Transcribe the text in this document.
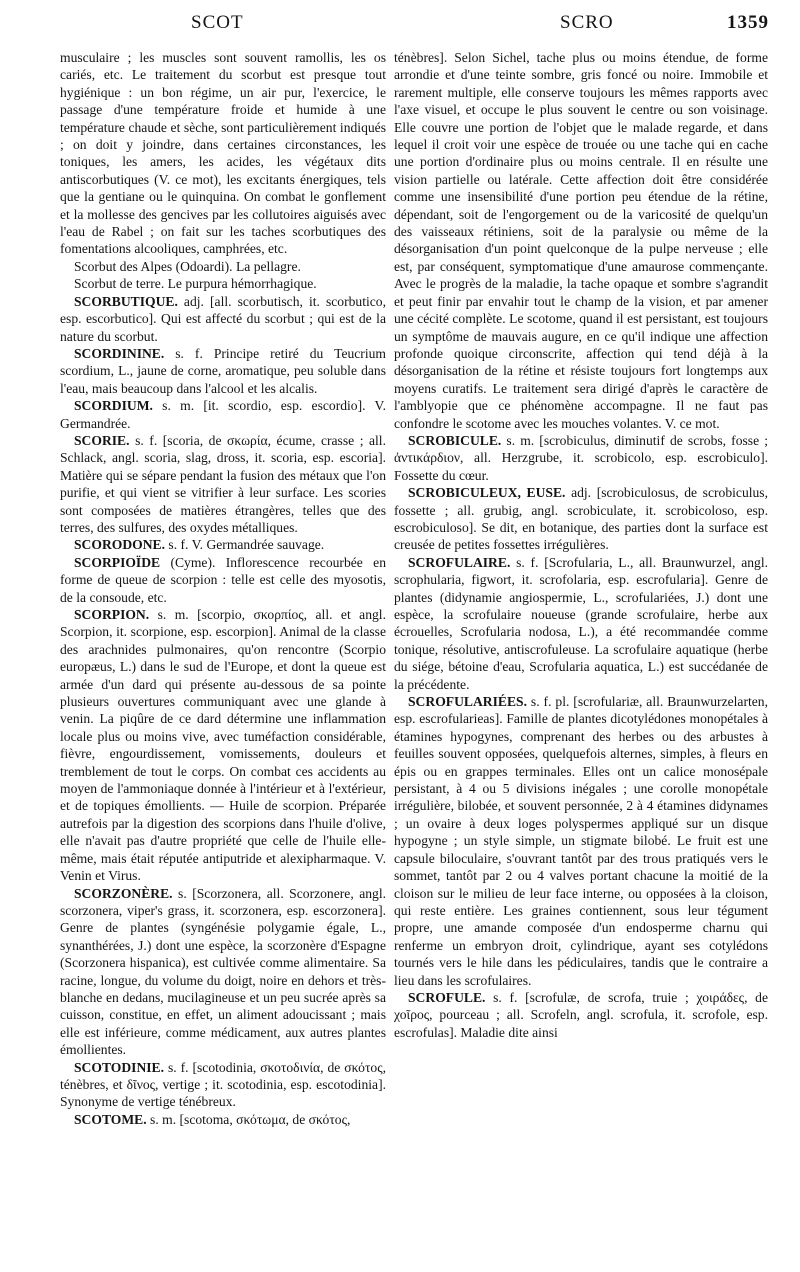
SCOT	SCRO	1359

musculaire ; les muscles sont souvent ramollis, les os cariés, etc. Le traitement du scorbut est presque tout hygiénique : un bon régime, un air pur, l'exercice, le passage d'une température froide et humide à une température chaude et sèche, sont particulièrement indiqués ; on doit y joindre, dans certaines circonstances, les toniques, les amers, les acides, les végétaux dits antiscorbutiques (V. ce mot), les excitants énergiques, tels que la gentiane ou le quinquina. On combat le gonflement et la mollesse des gencives par les collutoires aiguisés avec l'eau de Rabel ; on fait sur les taches scorbutiques des fomentations alcooliques, camphrées, etc.

Scorbut des Alpes (Odoardi). La pellagre.

Scorbut de terre. Le purpura hémorrhagique.

SCORBUTIQUE. adj. [all. scorbutisch, it. scorbutico, esp. escorbutico]. Qui est affecté du scorbut ; qui est de la nature du scorbut.

SCORDININE. s. f. Principe retiré du Teucrium scordium, L., jaune de corne, aromatique, peu soluble dans l'eau, mais beaucoup dans l'alcool et les alcalis.

SCORDIUM. s. m. [it. scordio, esp. escordio]. V. Germandrée.

SCORIE. s. f. [scoria, de σκωρία, écume, crasse ; all. Schlack, angl. scoria, slag, dross, it. scoria, esp. escoria]. Matière qui se sépare pendant la fusion des métaux que l'on purifie, et qui vient se vitrifier à leur surface. Les scories sont composées de matières étrangères, telles que des terres, des sulfures, des oxydes métalliques.

SCORODONE. s. f. V. Germandrée sauvage.

SCORPIOÏDE (Cyme). Inflorescence recourbée en forme de queue de scorpion : telle est celle des myosotis, de la consoude, etc.

SCORPION. s. m. [scorpio, σκορπίος, all. et angl. Scorpion, it. scorpione, esp. escorpion]. Animal de la classe des arachnides pulmonaires, qu'on rencontre (Scorpio europæus, L.) dans le sud de l'Europe, et dont la queue est armée d'un dard qui présente au-dessous de sa pointe plusieurs ouvertures communiquant avec une glande à venin. La piqûre de ce dard détermine une inflammation locale plus ou moins vive, avec tuméfaction considérable, fièvre, engourdissement, vomissements, douleurs et tremblement de tout le corps. On combat ces accidents au moyen de l'ammoniaque donnée à l'intérieur et à l'extérieur, et de topiques émollients. — Huile de scorpion. Préparée autrefois par la digestion des scorpions dans l'huile d'olive, elle n'avait pas d'autre propriété que celle de l'huile elle-même, mais était réputée antiputride et alexipharmaque. V. Venin et Virus.

SCORZONÈRE. s. [Scorzonera, all. Scorzonere, angl. scorzonera, viper's grass, it. scorzonera, esp. escorzonera]. Genre de plantes (syngénésie polygamie égale, L., synanthérées, J.) dont une espèce, la scorzonère d'Espagne (Scorzonera hispanica), est cultivée comme alimentaire. Sa racine, longue, du volume du doigt, noire en dehors et très-blanche en dedans, mucilagineuse et un peu sucrée après sa cuisson, constitue, en effet, un aliment adoucissant ; mais elle est inférieure, comme médicament, aux autres plantes émollientes.

SCOTODINIE. s. f. [scotodinia, σκοτοδινία, de σκότος, ténèbres, et δῖνος, vertige ; it. scotodinia, esp. escotodinia]. Synonyme de vertige ténébreux.

SCOTOME. s. m. [scotoma, σκότωμα, de σκότος,

ténèbres]. Selon Sichel, tache plus ou moins étendue, de forme arrondie et d'une teinte sombre, gris foncé ou noire. Immobile et rarement multiple, elle conserve toujours les mêmes rapports avec l'axe visuel, et occupe le plus souvent le centre ou son voisinage. Elle couvre une portion de l'objet que le malade regarde, et dans lequel il croit voir une espèce de trouée ou une tache qui en cache une portion d'ordinaire plus ou moins centrale. Il en résulte une vision partielle ou latérale. Cette affection doit être considérée comme une insensibilité d'une portion peu étendue de la rétine, dépendant, soit de l'engorgement ou de la varicosité de quelqu'un des vaisseaux rétiniens, soit de la paralysie ou même de la désorganisation d'un point quelconque de la pulpe nerveuse ; elle est, par conséquent, symptomatique d'une amaurose commençante. Avec le progrès de la maladie, la tache opaque et sombre s'agrandit et peut finir par envahir tout le champ de la vision, et par amener une cécité complète. Le scotome, quand il est persistant, est toujours un symptôme de mauvais augure, en ce qu'il indique une affection profonde quoique circonscrite, affection qui tend déjà à la désorganisation de la rétine et résiste toujours fort longtemps aux moyens curatifs. Le traitement sera dirigé d'après le caractère de l'amblyopie que ce phénomène accompagne. Il ne faut pas confondre le scotome avec les mouches volantes. V. ce mot.

SCROBICULE. s. m. [scrobiculus, diminutif de scrobs, fosse ; ἀντικάρδιον, all. Herzgrube, it. scrobicolo, esp. escrobiculo]. Fossette du cœur.

SCROBICULEUX, EUSE. adj. [scrobiculosus, de scrobiculus, fossette ; all. grubig, angl. scrobiculate, it. scrobicoloso, esp. escrobiculoso]. Se dit, en botanique, des parties dont la surface est creusée de petites fossettes irrégulières.

SCROFULAIRE. s. f. [Scrofularia, L., all. Braunwurzel, angl. scrophularia, figwort, it. scrofolaria, esp. escrofularia]. Genre de plantes (didynamie angiospermie, L., scrofulariées, J.) dont une espèce, la scrofulaire noueuse (grande scrofulaire, herbe aux écrouelles, Scrofularia nodosa, L.), a été recommandée comme tonique, résolutive, antiscrofuleuse. La scrofulaire aquatique (herbe du siége, bétoine d'eau, Scrofularia aquatica, L.) est succédanée de la précédente.

SCROFULARIÉES. s. f. pl. [scrofulariæ, all. Braunwurzelarten, esp. escrofularieas]. Famille de plantes dicotylédones monopétales à étamines hypogynes, comprenant des herbes ou des arbustes à feuilles souvent opposées, quelquefois alternes, simples, à fleurs en épis ou en grappes terminales. Elles ont un calice monosépale persistant, à 4 ou 5 divisions inégales ; une corolle monopétale irrégulière, bilobée, et souvent personnée, 2 à 4 étamines didynames ; un ovaire à deux loges polyspermes appliqué sur un disque hypogyne ; un style simple, un stigmate bilobé. Le fruit est une capsule biloculaire, s'ouvrant tantôt par des trous pratiqués vers le sommet, tantôt par 2 ou 4 valves portant chacune la moitié de la cloison sur le milieu de leur face interne, ou opposées à la cloison, qui reste entière. Les graines contiennent, sous leur tégument propre, une amande composée d'un endosperme charnu qui renferme un embryon droit, cylindrique, ayant ses cotylédons tournés vers le hile dans les pédiculaires, tandis que le contraire a lieu dans les scrofulaires.

SCROFULE. s. f. [scrofulæ, de scrofa, truie ; χοιράδες, de χοῖρος, pourceau ; all. Scrofeln, angl. scrofula, it. scrofole, esp. escrofulas]. Maladie dite ainsi
